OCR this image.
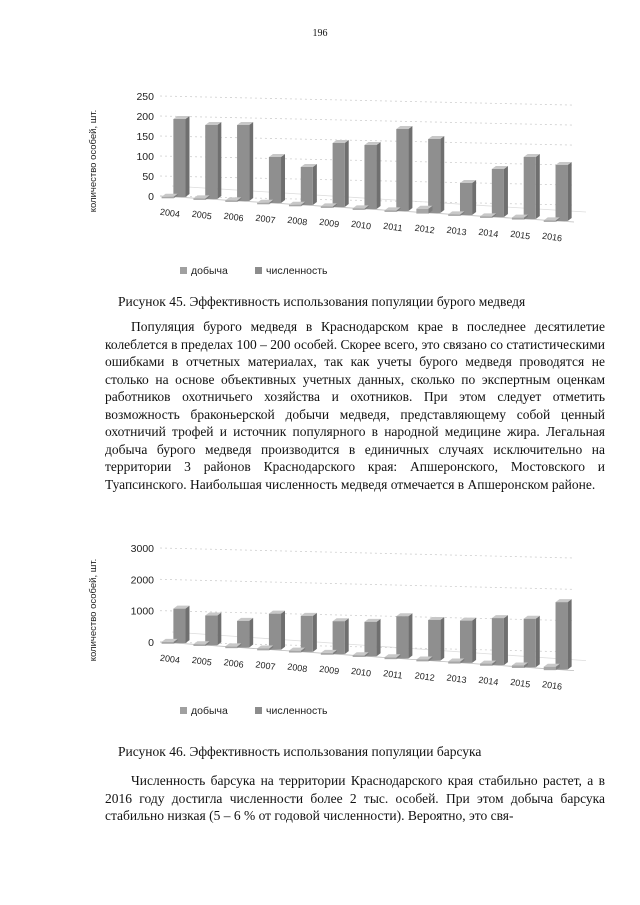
196
количество особей, шт.	0
50
100
150
200
250
2004 2005 2006 2007 2008 2009 2010 2011 2012 2013 2014 2015 2016
добыча	численность
Рисунок 45. Эффективность использования популяции бурого медведя

Популяция бурого медведя в Краснодарском крае в последнее десятилетие колеблется в пределах 100 – 200 особей. Скорее всего, это связано со статистическими ошибками в отчетных материалах, так как учеты бурого медведя проводятся не столько на основе объективных учетных данных, сколько по экспертным оценкам работников охотничьего хозяйства и охотников. При этом следует отметить возможность браконьерской добычи медведя, представляющему собой ценный охотничий трофей и источник популярного в народной медицине жира. Легальная добыча бурого медведя производится в единичных случаях исключительно на территории 3 районов Краснодарского края: Апшеронского, Мостовского и Туапсинского. Наибольшая численность медведя отмечается в Апшеронском районе.

количество особей, шт.	0
1000
2000
3000
2004 2005 2006 2007 2008 2009 2010 2011 2012 2013 2014 2015 2016
добыча	численность
Рисунок 46. Эффективность использования популяции барсука

Численность барсука на территории Краснодарского края стабильно растет, а в 2016 году достигла численности более 2 тыс. особей. При этом добыча барсука стабильно низкая (5 – 6 % от годовой численности). Вероятно, это свя-
